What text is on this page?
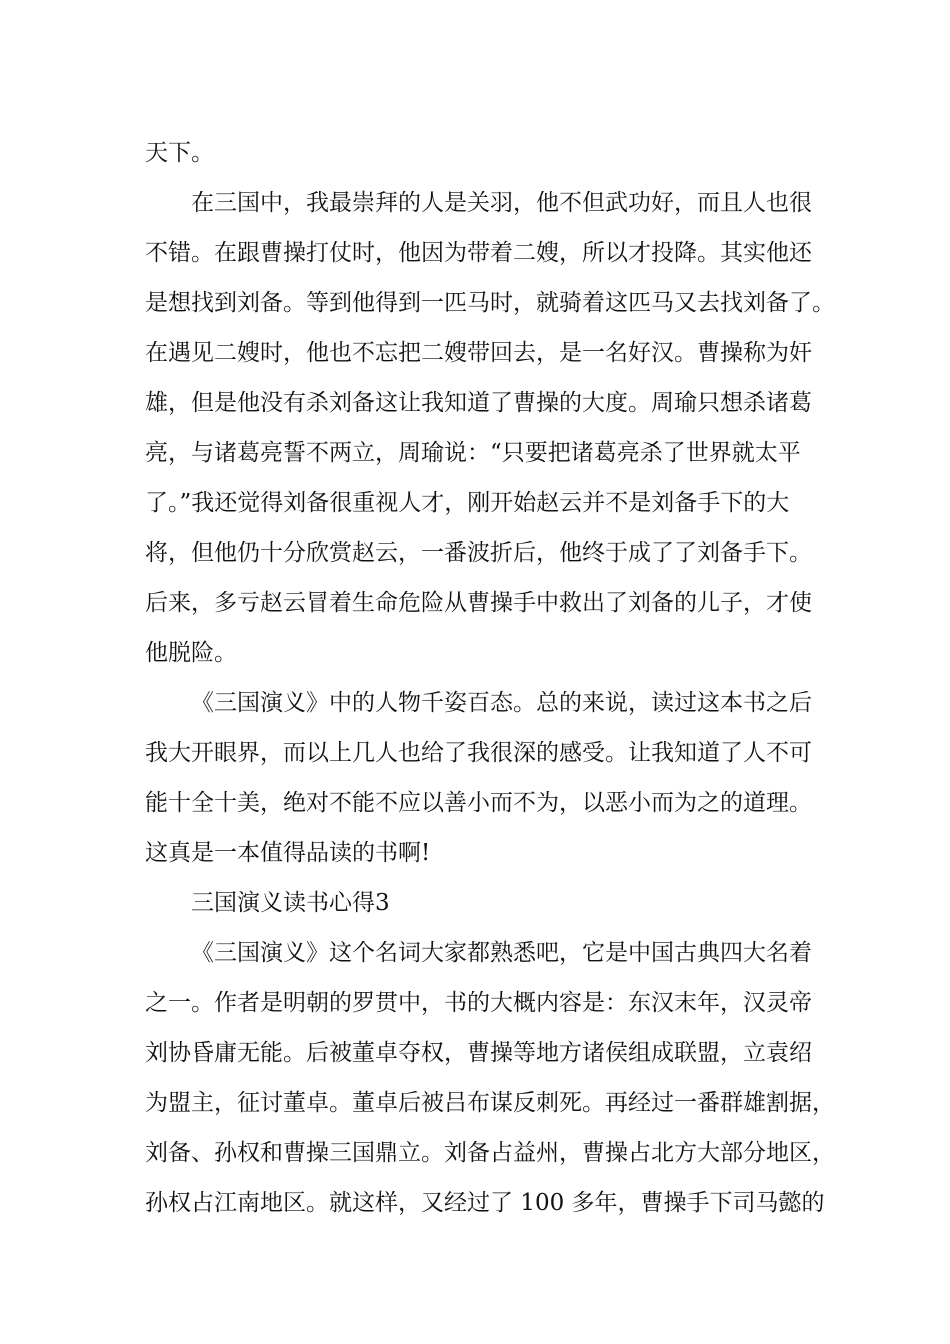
天下。
在三国中，我最崇拜的人是关羽，他不但武功好，而且人也很
不错。在跟曹操打仗时，他因为带着二嫂，所以才投降。其实他还
是想找到刘备。等到他得到一匹马时，就骑着这匹马又去找刘备了。
在遇见二嫂时，他也不忘把二嫂带回去，是一名好汉。曹操称为奸
雄，但是他没有杀刘备这让我知道了曹操的大度。周瑜只想杀诸葛
亮，与诸葛亮誓不两立，周瑜说：“只要把诸葛亮杀了世界就太平
了。”我还觉得刘备很重视人才，刚开始赵云并不是刘备手下的大
将，但他仍十分欣赏赵云，一番波折后，他终于成了了刘备手下。
后来，多亏赵云冒着生命危险从曹操手中救出了刘备的儿子，才使
他脱险。
《三国演义》中的人物千姿百态。总的来说，读过这本书之后
我大开眼界，而以上几人也给了我很深的感受。让我知道了人不可
能十全十美，绝对不能不应以善小而不为，以恶小而为之的道理。
这真是一本值得品读的书啊!
三国演义读书心得3
《三国演义》这个名词大家都熟悉吧，它是中国古典四大名着
之一。作者是明朝的罗贯中，书的大概内容是：东汉末年，汉灵帝
刘协昏庸无能。后被董卓夺权，曹操等地方诸侯组成联盟，立袁绍
为盟主，征讨董卓。董卓后被吕布谋反刺死。再经过一番群雄割据，
刘备、孙权和曹操三国鼎立。刘备占益州，曹操占北方大部分地区，
孙权占江南地区。就这样，又经过了 100 多年，曹操手下司马懿的
